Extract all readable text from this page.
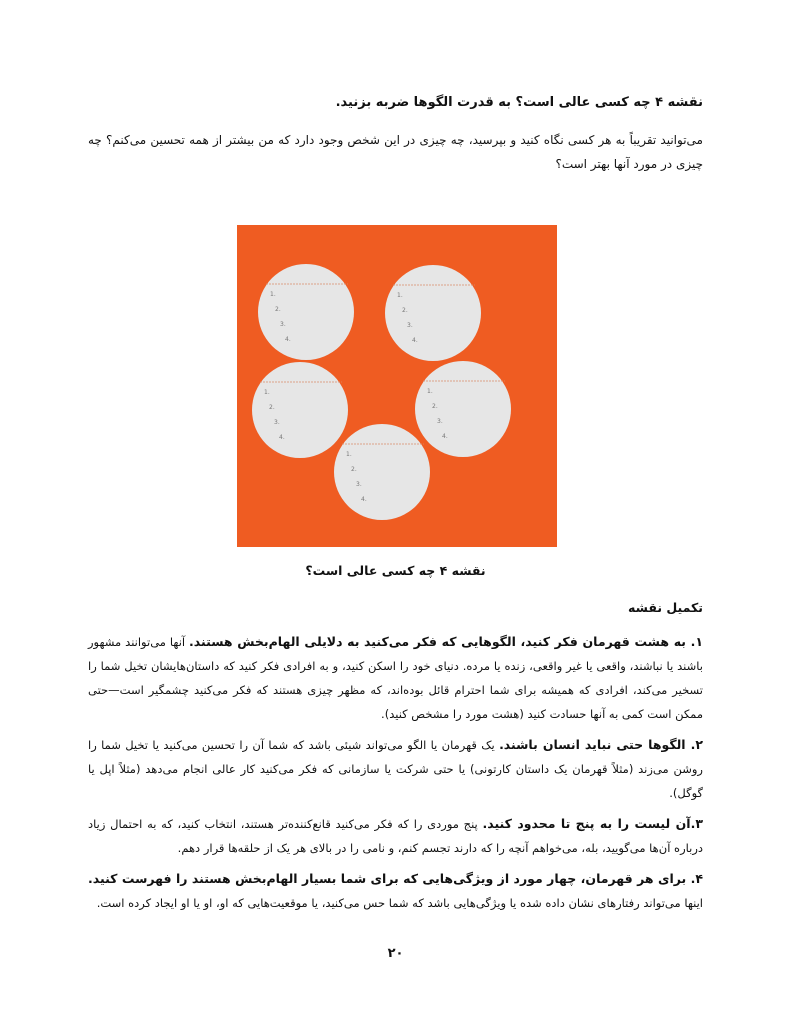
نقشه ۴ چه کسی عالی است؟ به قدرت الگوها ضربه بزنید.
می‌توانید تقریباً به هر کسی نگاه کنید و بپرسید، چه چیزی در این شخص وجود دارد که من بیشتر از همه تحسین می‌کنم؟ چه چیزی در مورد آنها بهتر است؟
1.
2.
3.
4.
1.
2.
3.
4.
1.
2.
3.
4.
1.
2.
3.
4.
1.
2.
3.
4.
نقشه ۴ چه کسی عالی است؟
تکمیل نقشه
۱. به هشت قهرمان فکر کنید، الگوهایی که فکر می‌کنید به دلایلی الهام‌بخش هستند. آنها می‌توانند مشهور باشند یا نباشند، واقعی یا غیر واقعی، زنده یا مرده. دنیای خود را اسکن کنید، و به افرادی فکر کنید که داستان‌هایشان تخیل شما را تسخیر می‌کند، افرادی که همیشه برای شما احترام قائل بوده‌اند، که مظهر چیزی هستند که فکر می‌کنید چشمگیر است—حتی ممکن است کمی به آنها حسادت کنید (هشت مورد را مشخص کنید).
۲. الگوها حتی نباید انسان باشند. یک قهرمان یا الگو می‌تواند شیئی باشد که شما آن را تحسین می‌کنید یا تخیل شما را روشن می‌زند (مثلاً قهرمان یک داستان کارتونی) یا حتی شرکت یا سازمانی که فکر می‌کنید کار عالی انجام می‌دهد (مثلاً اپل یا گوگل).
۳.آن لیست را به پنج تا محدود کنید. پنج موردی را که فکر می‌کنید قانع‌کننده‌تر هستند، انتخاب کنید، که به احتمال زیاد درباره آن‌ها می‌گویید، بله، می‌خواهم آنچه را که دارند تجسم کنم، و نامی را در بالای هر یک از حلقه‌ها قرار دهم.
۴. برای هر قهرمان، چهار مورد از ویژگی‌هایی که برای شما بسیار الهام‌بخش هستند را فهرست کنید. اینها می‌تواند رفتارهای نشان داده شده یا ویژگی‌هایی باشد که شما حس می‌کنید، یا موقعیت‌هایی که او، او یا او ایجاد کرده است.
۲۰
